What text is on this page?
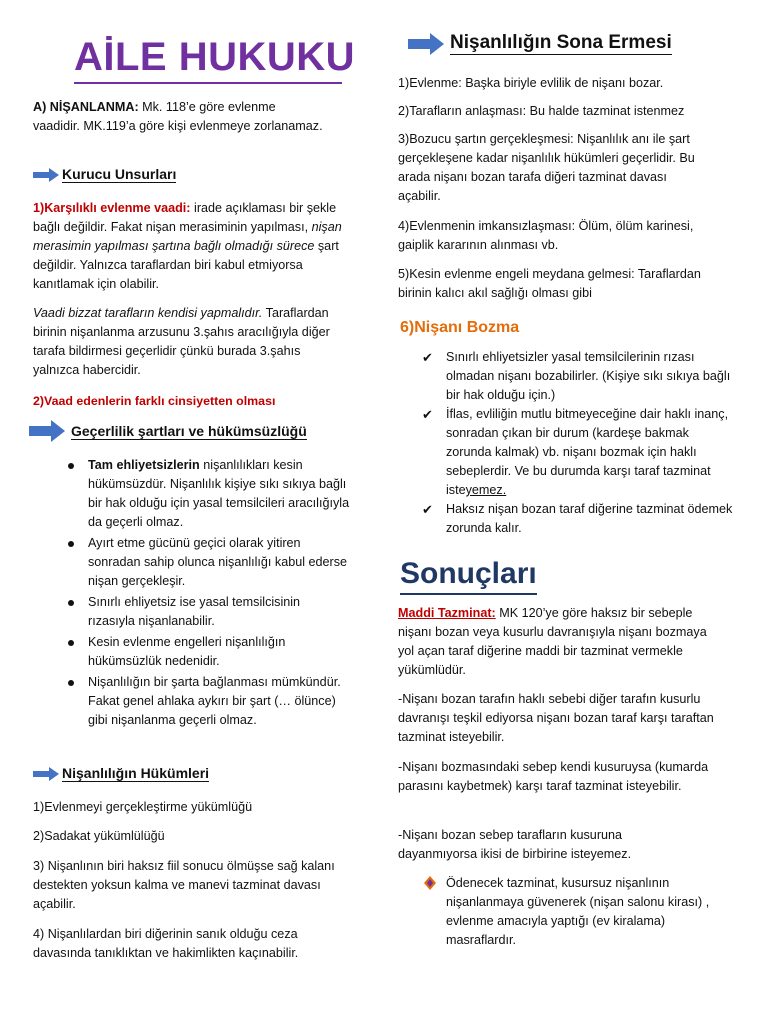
AİLE HUKUKU

A) NİŞANLANMA: Mk. 118’e göre evlenme vaadidir. MK.119’a göre kişi evlenmeye zorlanamaz.

Kurucu Unsurları

1)Karşılıklı evlenme vaadi: irade açıklaması bir şekle bağlı değildir. Fakat nişan merasiminin yapılması, nişan merasimin yapılması şartına bağlı olmadığı sürece şart değildir. Yalnızca taraflardan biri kabul etmiyorsa kanıtlamak için olabilir.

Vaadi bizzat tarafların kendisi yapmalıdır. Taraflardan birinin nişanlanma arzusunu 3.şahıs aracılığıyla diğer tarafa bildirmesi geçerlidir çünkü burada 3.şahıs yalnızca habercidir.

2)Vaad edenlerin farklı cinsiyetten olması

Geçerlilik şartları ve hükümsüzlüğü
Tam ehliyetsizlerin nişanlılıkları kesin hükümsüzdür. Nişanlılık kişiye sıkı sıkıya bağlı bir hak olduğu için yasal temsilcileri aracılığıyla da geçerli olmaz.
Ayırt etme gücünü geçici olarak yitiren sonradan sahip olunca nişanlılığı kabul ederse nişan gerçekleşir.
Sınırlı ehliyetsiz ise yasal temsilcisinin rızasıyla nişanlanabilir.
Kesin evlenme engelleri nişanlılığın hükümsüzlük nedenidir.
Nişanlılığın bir şarta bağlanması mümkündür. Fakat genel ahlaka aykırı bir şart (… ölünce) gibi nişanlanma geçerli olmaz.
Nişanlılığın Hükümleri

1)Evlenmeyi gerçekleştirme yükümlüğü

2)Sadakat yükümlülüğü

3) Nişanlının biri haksız fiil sonucu ölmüşse sağ kalanı destekten yoksun kalma ve manevi tazminat davası açabilir.

4) Nişanlılardan biri diğerinin sanık olduğu ceza davasında tanıklıktan ve hakimlikten kaçınabilir.

Nişanlılığın Sona Ermesi

1)Evlenme: Başka biriyle evlilik de nişanı bozar.

2)Tarafların anlaşması: Bu halde tazminat istenmez

3)Bozucu şartın gerçekleşmesi: Nişanlılık anı ile şart gerçekleşene kadar nişanlılık hükümleri geçerlidir. Bu arada nişanı bozan tarafa diğeri tazminat davası açabilir.

4)Evlenmenin imkansızlaşması: Ölüm, ölüm karinesi, gaiplik kararının alınması vb.

5)Kesin evlenme engeli meydana gelmesi: Taraflardan birinin kalıcı akıl sağlığı olması gibi

6)Nişanı Bozma

✔ Sınırlı ehliyetsizler yasal temsilcilerinin rızası olmadan nişanı bozabilirler. (Kişiye sıkı sıkıya bağlı bir hak olduğu için.)
✔ İflas, evliliğin mutlu bitmeyeceğine dair haklı inanç, sonradan çıkan bir durum (kardeşe bakmak zorunda kalmak) vb. nişanı bozmak için haklı sebeplerdir. Ve bu durumda karşı taraf tazminat isteyemez.
✔ Haksız nişan bozan taraf diğerine tazminat ödemek zorunda kalır.
Sonuçları

Maddi Tazminat: MK 120’ye göre haksız bir sebeple nişanı bozan veya kusurlu davranışıyla nişanı bozmaya yol açan taraf diğerine maddi bir tazminat vermekle yükümlüdür.

-Nişanı bozan tarafın haklı sebebi diğer tarafın kusurlu davranışı teşkil ediyorsa nişanı bozan taraf karşı taraftan tazminat isteyebilir.

-Nişanı bozmasındaki sebep kendi kusuruysa (kumarda parasını kaybetmek) karşı taraf tazminat isteyebilir.

-Nişanı bozan sebep tarafların kusuruna dayanmıyorsa ikisi de birbirine isteyemez.

Ödenecek tazminat, kusursuz nişanlının nişanlanmaya güvenerek (nişan salonu kirası) , evlenme amacıyla yaptığı (ev kiralama) masraflardır.
